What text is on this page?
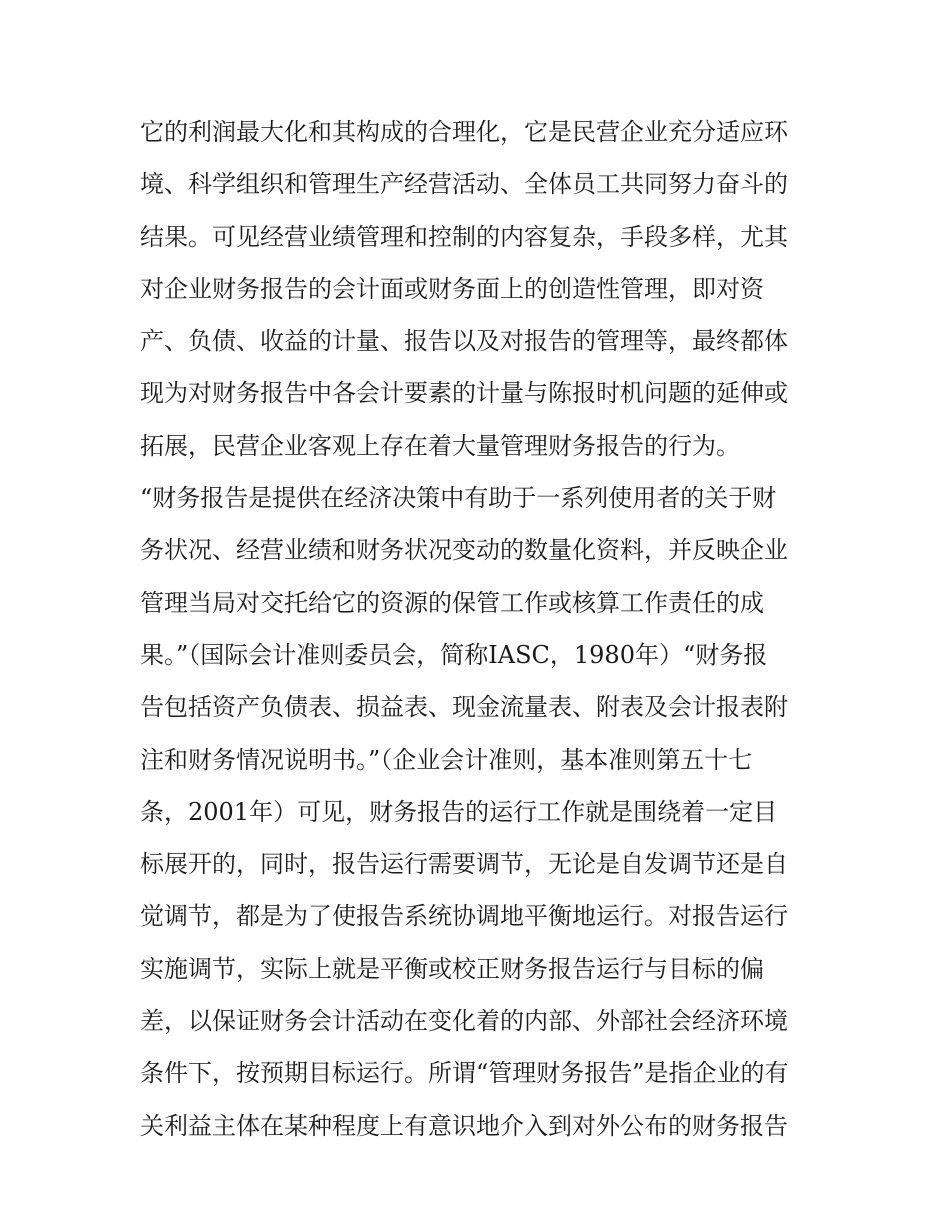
它的利润最大化和其构成的合理化，它是民营企业充分适应环
境、科学组织和管理生产经营活动、全体员工共同努力奋斗的
结果。可见经营业绩管理和控制的内容复杂，手段多样，尤其
对企业财务报告的会计面或财务面上的创造性管理，即对资
产、负债、收益的计量、报告以及对报告的管理等，最终都体
现为对财务报告中各会计要素的计量与陈报时机问题的延伸或
拓展，民营企业客观上存在着大量管理财务报告的行为。
“财务报告是提供在经济决策中有助于一系列使用者的关于财
务状况、经营业绩和财务状况变动的数量化资料，并反映企业
管理当局对交托给它的资源的保管工作或核算工作责任的成
果。”（国际会计准则委员会，简称IASC，1980年）“财务报
告包括资产负债表、损益表、现金流量表、附表及会计报表附
注和财务情况说明书。”（企业会计准则，基本准则第五十七
条，2001年）可见，财务报告的运行工作就是围绕着一定目
标展开的，同时，报告运行需要调节，无论是自发调节还是自
觉调节，都是为了使报告系统协调地平衡地运行。对报告运行
实施调节，实际上就是平衡或校正财务报告运行与目标的偏
差，以保证财务会计活动在变化着的内部、外部社会经济环境
条件下，按预期目标运行。所谓“管理财务报告”是指企业的有
关利益主体在某种程度上有意识地介入到对外公布的财务报告
